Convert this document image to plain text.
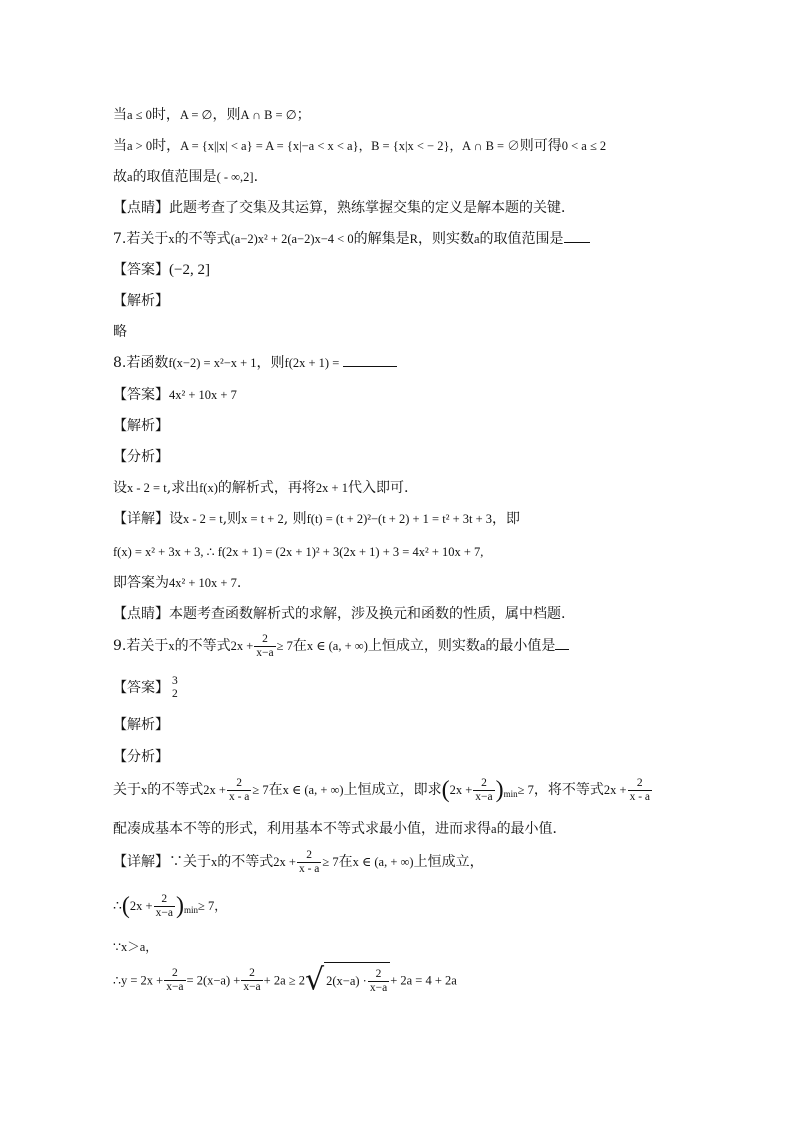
当a ≤ 0时，A = ∅，则A ∩ B = ∅；
当a > 0时，A = {x||x| < a} = A = {x|−a < x < a}，B = {x|x < − 2}，A ∩ B = ∅则可得0 < a ≤ 2
故a的取值范围是( - ∞,2].
【点睛】此题考查了交集及其运算，熟练掌握交集的定义是解本题的关键．
7.若关于x的不等式(a−2)x² + 2(a−2)x−4 < 0的解集是R，则实数a的取值范围是
【答案】(−2, 2]
【解析】
略
8.若函数f(x−2) = x²−x + 1，则f(2x + 1) =
【答案】4x² + 10x + 7
【解析】
【分析】
设x - 2 = t,求出f(x)的解析式，再将2x + 1代入即可.
【详解】设x - 2 = t,则x = t + 2, 则f(t) = (t + 2)²−(t + 2) + 1 = t² + 3t + 3，即
f(x) = x² + 3x + 3, ∴ f(2x + 1) = (2x + 1)² + 3(2x + 1) + 3 = 4x² + 10x + 7,
即答案为4x² + 10x + 7.
【点睛】本题考查函数解析式的求解，涉及换元和函数的性质，属中档题.
9.若关于x的不等式$2x + \frac{2}{x-a} \ge 7$在x ∈ (a, + ∞)上恒成立，则实数a的最小值是
【答案】 3
2
【解析】
【分析】
关于x的不等式$2x + \frac{2}{x - a} \ge 7$在x ∈ (a, + ∞)上恒成立，即求$(2x + \frac{2}{x-a} )_{min}\ge 7$，将不等式$2x + \frac{2}{x - a}$
配凑成基本不等的形式，利用基本不等式求最小值，进而求得a的最小值．
【详解】∵关于x的不等式$2x + \frac{2}{x - a} \ge 7$在x ∈ (a, + ∞)上恒成立，
∴(2x + $\frac{2}{x-a} )_{min}\ge 7$，
∵x＞a，
∴y = $2x + \frac{2}{x-a} = 2(x-a) + \frac{2}{x-a} + 2a \ge 2√$ $2(x-a) \cdot \frac{2}{x-a} + 2a = 4 + 2a$
